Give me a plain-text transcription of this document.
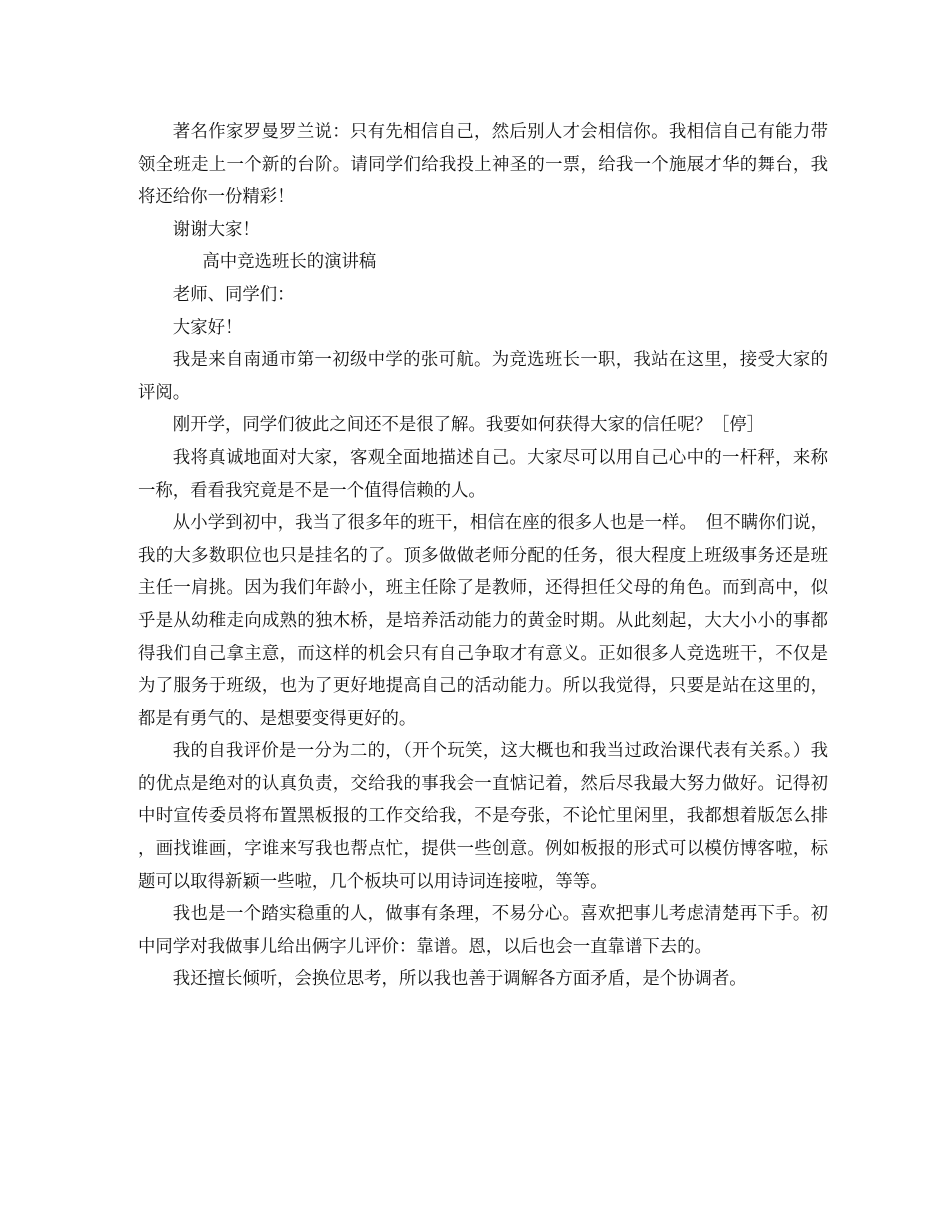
著名作家罗曼罗兰说：只有先相信自己，然后别人才会相信你。我相信自己有能力带领全班走上一个新的台阶。请同学们给我投上神圣的一票，给我一个施展才华的舞台，我将还给你一份精彩！

谢谢大家！

高中竞选班长的演讲稿

老师、同学们：

大家好！

我是来自南通市第一初级中学的张可航。为竞选班长一职，我站在这里，接受大家的评阅。

刚开学，同学们彼此之间还不是很了解。我要如何获得大家的信任呢？［停］

我将真诚地面对大家，客观全面地描述自己。大家尽可以用自己心中的一杆秤，来称一称，看看我究竟是不是一个值得信赖的人。

从小学到初中，我当了很多年的班干，相信在座的很多人也是一样。　但不瞒你们说，我的大多数职位也只是挂名的了。顶多做做老师分配的任务，很大程度上班级事务还是班主任一肩挑。因为我们年龄小，班主任除了是教师，还得担任父母的角色。而到高中，似乎是从幼稚走向成熟的独木桥，是培养活动能力的黄金时期。从此刻起，大大小小的事都得我们自己拿主意，而这样的机会只有自己争取才有意义。正如很多人竞选班干，不仅是为了服务于班级，也为了更好地提高自己的活动能力。所以我觉得，只要是站在这里的，都是有勇气的、是想要变得更好的。

我的自我评价是一分为二的，（开个玩笑，这大概也和我当过政治课代表有关系。）我的优点是绝对的认真负责，交给我的事我会一直惦记着，然后尽我最大努力做好。记得初中时宣传委员将布置黑板报的工作交给我，不是夸张，不论忙里闲里，我都想着版怎么排，画找谁画，字谁来写我也帮点忙，提供一些创意。例如板报的形式可以模仿博客啦，标题可以取得新颖一些啦，几个板块可以用诗词连接啦，等等。

我也是一个踏实稳重的人，做事有条理，不易分心。喜欢把事儿考虑清楚再下手。初中同学对我做事儿给出俩字儿评价：靠谱。恩，以后也会一直靠谱下去的。

我还擅长倾听，会换位思考，所以我也善于调解各方面矛盾，是个协调者。
